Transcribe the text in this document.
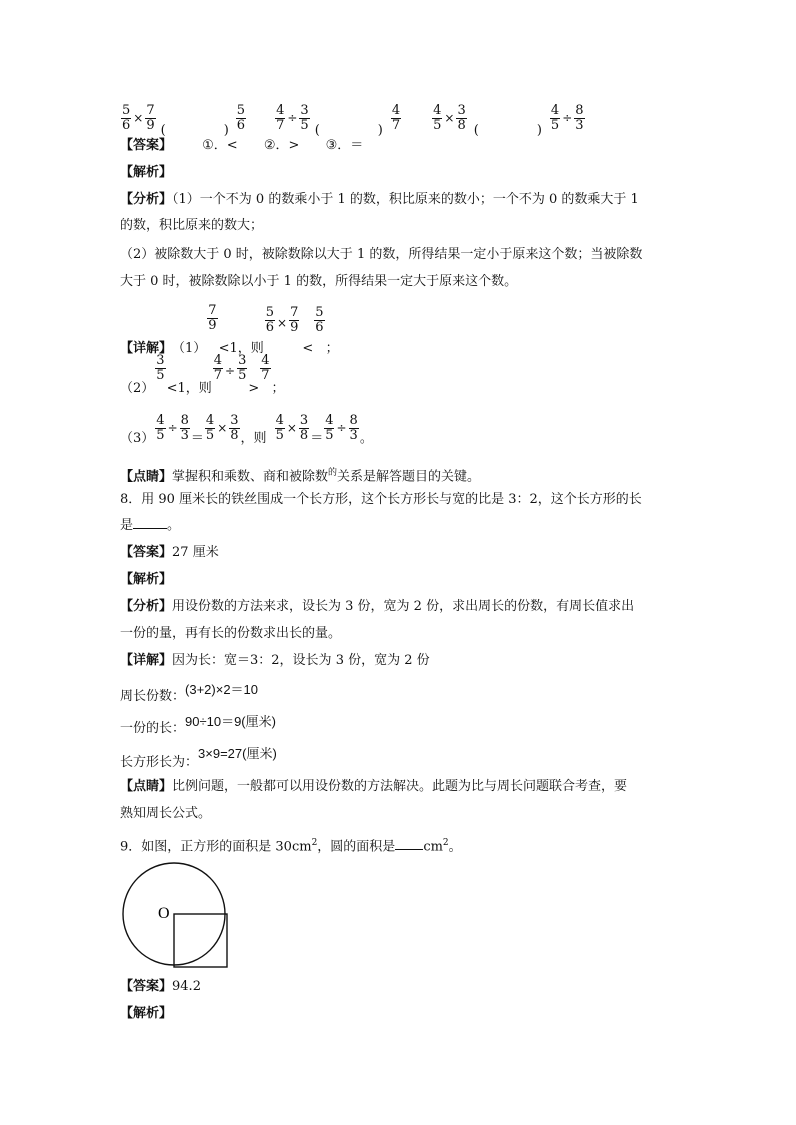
$\frac{5}{6} \times \frac{7}{9}$ (	) $\frac{5}{6} \frac{4}{7} \div \frac{3}{5}$ (	) $\frac{4}{7} \frac{4}{5} \times \frac{3}{8}$ (	) $\frac{4}{5} \div \frac{8}{3}$
【答案】 ①．< ②．> ③．＝
【解析】
【分析】（1）一个不为 0 的数乘小于 1 的数，积比原来的数小；一个不为 0 的数乘大于 1
的数，积比原来的数大；
（2）被除数大于 0 时，被除数除以大于 1 的数，所得结果一定小于原来这个数；当被除数
大于 0 时，被除数除以小于 1 的数，所得结果一定大于原来这个数。
【详解】 （1）
$\frac{7}{9}$
<1，则
$\frac{5}{6} \times \frac{7}{9}$
<
$\frac{5}{6}$
；
（2）
$\frac{3}{5}$
<1，则
$\frac{4}{7} \div \frac{3}{5}$
>
$\frac{4}{7}$
；
$(3) \frac{4}{5} \div \frac{8}{3} = \frac{4}{5} \times \frac{3}{8}$ ，则 $\frac{4}{5} \times \frac{3}{8} = \frac{4}{5} \div \frac{8}{3}$ 。
【点睛】掌握积和乘数、商和被除数$^的$关系是解答题目的关键。
8．用 90 厘米长的铁丝围成一个长方形，这个长方形长与宽的比是 3：2，这个长方形的长
是	。
【答案】27 厘米
【解析】
【分析】用设份数的方法来求，设长为 3 份，宽为 2 份，求出周长的份数，有周长值求出
一份的量，再有长的份数求出长的量。
【详解】因为长：宽＝3：2，设长为 3 份，宽为 2 份
周长份数：(3+2)×2＝10
一份的长：90÷10＝9(厘米)
长方形长为：3×9=27(厘米)
【点睛】比例问题，一般都可以用设份数的方法解决。此题为比与周长问题联合考查，要
熟知周长公式。
9．如图，正方形的面积是 $30cm^2$，圆的面积是 $cm^2$。
O
【答案】94.2
【解析】
